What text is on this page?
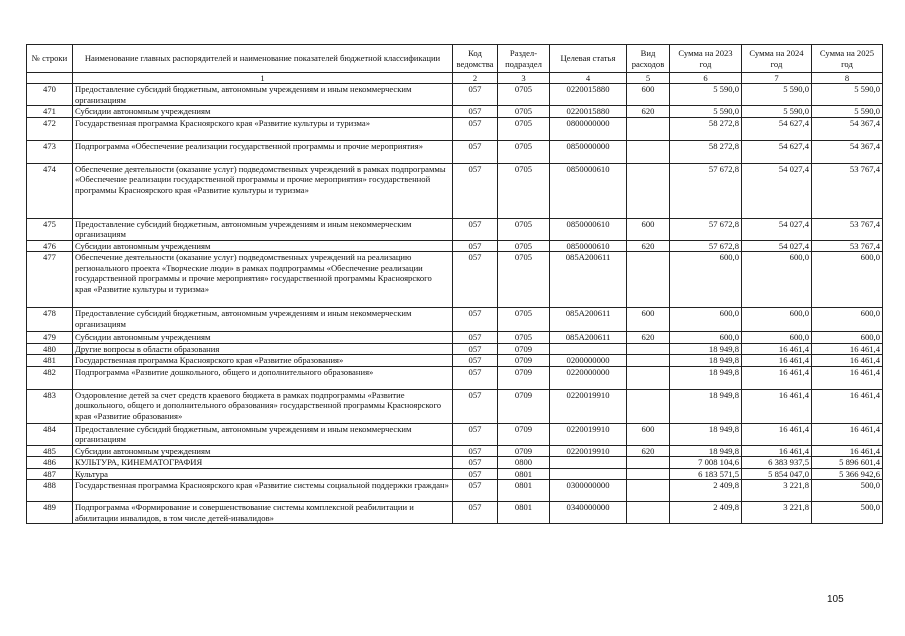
№ строки	Наименование главных распорядителей и наименование показателей бюджетной классификации	Код ведомства	Раздел-подраздел	Целевая статья	Вид расходов	Сумма на 2023 год	Сумма на 2024 год	Сумма на 2025 год
	1	2	3	4	5	6	7	8
470	Предоставление субсидий бюджетным, автономным учреждениям и иным некоммерческим организациям	057	0705	0220015880	600	5 590,0	5 590,0	5 590,0
471	Субсидии автономным учреждениям	057	0705	0220015880	620	5 590,0	5 590,0	5 590,0
472	Государственная программа Красноярского края «Развитие культуры и туризма»	057	0705	0800000000		58 272,8	54 627,4	54 367,4
473	Подпрограмма «Обеспечение реализации государственной программы и прочие мероприятия»	057	0705	0850000000		58 272,8	54 627,4	54 367,4
474	Обеспечение деятельности (оказание услуг) подведомственных учреждений в рамках подпрограммы «Обеспечение реализации государственной программы и прочие мероприятия» государственной программы Красноярского края «Развитие культуры и туризма»	057	0705	0850000610		57 672,8	54 027,4	53 767,4
475	Предоставление субсидий бюджетным, автономным учреждениям и иным некоммерческим организациям	057	0705	0850000610	600	57 672,8	54 027,4	53 767,4
476	Субсидии автономным учреждениям	057	0705	0850000610	620	57 672,8	54 027,4	53 767,4
477	Обеспечение деятельности (оказание услуг) подведомственных учреждений на реализацию регионального проекта «Творческие люди» в рамках подпрограммы «Обеспечение реализации государственной программы и прочие мероприятия» государственной программы Красноярского края «Развитие культуры и туризма»	057	0705	085A200611		600,0	600,0	600,0
478	Предоставление субсидий бюджетным, автономным учреждениям и иным некоммерческим организациям	057	0705	085A200611	600	600,0	600,0	600,0
479	Субсидии автономным учреждениям	057	0705	085A200611	620	600,0	600,0	600,0
480	Другие вопросы в области образования	057	0709			18 949,8	16 461,4	16 461,4
481	Государственная программа Красноярского края «Развитие образования»	057	0709	0200000000		18 949,8	16 461,4	16 461,4
482	Подпрограмма «Развитие дошкольного, общего и дополнительного образования»	057	0709	0220000000		18 949,8	16 461,4	16 461,4
483	Оздоровление детей за счет средств краевого бюджета в рамках подпрограммы «Развитие дошкольного, общего и дополнительного образования» государственной программы Красноярского края «Развитие образования»	057	0709	0220019910		18 949,8	16 461,4	16 461,4
484	Предоставление субсидий бюджетным, автономным учреждениям и иным некоммерческим организациям	057	0709	0220019910	600	18 949,8	16 461,4	16 461,4
485	Субсидии автономным учреждениям	057	0709	0220019910	620	18 949,8	16 461,4	16 461,4
486	КУЛЬТУРА, КИНЕМАТОГРАФИЯ	057	0800			7 008 104,6	6 383 937,5	5 896 601,4
487	Культура	057	0801			6 183 571,5	5 854 047,0	5 366 942,6
488	Государственная программа Красноярского края «Развитие системы социальной поддержки граждан»	057	0801	0300000000		2 409,8	3 221,8	500,0
489	Подпрограмма «Формирование и совершенствование системы комплексной реабилитации и абилитации инвалидов, в том числе детей-инвалидов»	057	0801	0340000000		2 409,8	3 221,8	500,0
105
